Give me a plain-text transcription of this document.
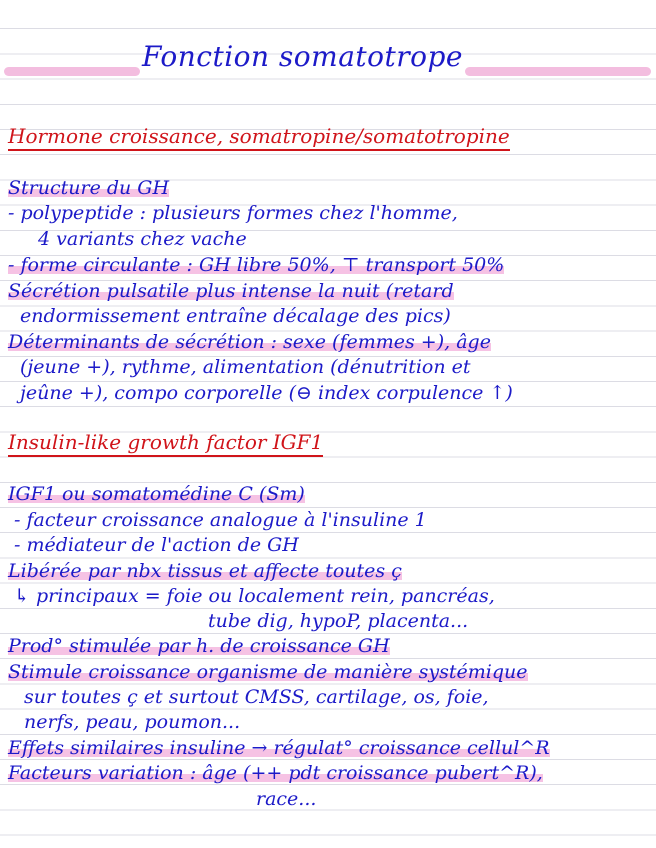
Fonction somatotrope
Hormone croissance, somatropine/somatotropine
Structure du GH
- polypeptide : plusieurs formes chez l'homme,
4 variants chez vache
- forme circulante : GH libre 50%, ⊤ transport 50%
Sécrétion pulsatile plus intense la nuit (retard
endormissement entraîne décalage des pics)
Déterminants de sécrétion : sexe (femmes +), âge
(jeune +), rythme, alimentation (dénutrition et
jeûne +), compo corporelle (⊖ index corpulence ↑)
Insulin-like growth factor IGF1
IGF1 ou somatomédine C (Sm)
- facteur croissance analogue à l'insuline 1
- médiateur de l'action de GH
Libérée par nbx tissus et affecte toutes ç
↳ principaux = foie ou localement rein, pancréas,
tube dig, hypoP, placenta...
Prod° stimulée par h. de croissance GH
Stimule croissance organisme de manière systémique
sur toutes ç et surtout CMSS, cartilage, os, foie,
nerfs, peau, poumon...
Effets similaires insuline → régulat° croissance cellul^R
Facteurs variation : âge (++ pdt croissance pubert^R),
race...
